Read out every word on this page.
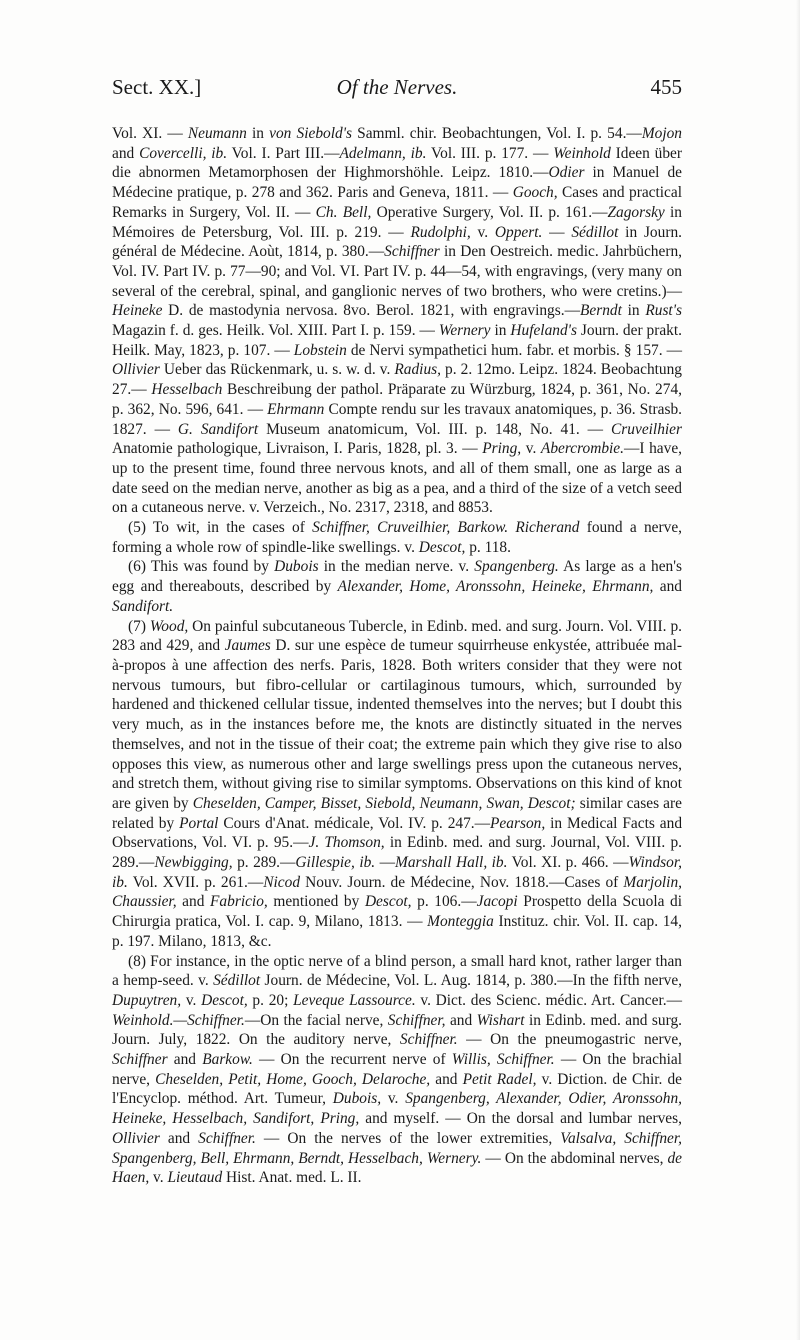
Sect. XX.]	Of the Nerves.	455

Vol. XI. — Neumann in von Siebold's Samml. chir. Beobachtungen, Vol. I. p. 54.—Mojon and Covercelli, ib. Vol. I. Part III.—Adelmann, ib. Vol. III. p. 177. — Weinhold Ideen über die abnormen Metamorphosen der Highmorshöhle. Leipz. 1810.—Odier in Manuel de Médecine pratique, p. 278 and 362. Paris and Geneva, 1811. — Gooch, Cases and practical Remarks in Surgery, Vol. II. — Ch. Bell, Operative Surgery, Vol. II. p. 161.—Zagorsky in Mémoires de Petersburg, Vol. III. p. 219. — Rudolphi, v. Oppert. — Sédillot in Journ. général de Médecine. Aoùt, 1814, p. 380.—Schiffner in Den Oestreich. medic. Jahrbüchern, Vol. IV. Part IV. p. 77—90; and Vol. VI. Part IV. p. 44—54, with engravings, (very many on several of the cerebral, spinal, and ganglionic nerves of two brothers, who were cretins.)—Heineke D. de mastodynia nervosa. 8vo. Berol. 1821, with engravings.—Berndt in Rust's Magazin f. d. ges. Heilk. Vol. XIII. Part I. p. 159. — Wernery in Hufeland's Journ. der prakt. Heilk. May, 1823, p. 107. — Lobstein de Nervi sympathetici hum. fabr. et morbis. § 157. — Ollivier Ueber das Rückenmark, u. s. w. d. v. Radius, p. 2. 12mo. Leipz. 1824. Beobachtung 27.— Hesselbach Beschreibung der pathol. Präparate zu Würzburg, 1824, p. 361, No. 274, p. 362, No. 596, 641. — Ehrmann Compte rendu sur les travaux anatomiques, p. 36. Strasb. 1827. — G. Sandifort Museum anatomicum, Vol. III. p. 148, No. 41. — Cruveilhier Anatomie pathologique, Livraison, I. Paris, 1828, pl. 3. — Pring, v. Abercrombie.—I have, up to the present time, found three nervous knots, and all of them small, one as large as a date seed on the median nerve, another as big as a pea, and a third of the size of a vetch seed on a cutaneous nerve. v. Verzeich., No. 2317, 2318, and 8853.

(5) To wit, in the cases of Schiffner, Cruveilhier, Barkow. Richerand found a nerve, forming a whole row of spindle-like swellings. v. Descot, p. 118.

(6) This was found by Dubois in the median nerve. v. Spangenberg. As large as a hen's egg and thereabouts, described by Alexander, Home, Aronssohn, Heineke, Ehrmann, and Sandifort.

(7) Wood, On painful subcutaneous Tubercle, in Edinb. med. and surg. Journ. Vol. VIII. p. 283 and 429, and Jaumes D. sur une espèce de tumeur squirrheuse enkystée, attribuée mal-à-propos à une affection des nerfs. Paris, 1828. Both writers consider that they were not nervous tumours, but fibro-cellular or cartilaginous tumours, which, surrounded by hardened and thickened cellular tissue, indented themselves into the nerves; but I doubt this very much, as in the instances before me, the knots are distinctly situated in the nerves themselves, and not in the tissue of their coat; the extreme pain which they give rise to also opposes this view, as numerous other and large swellings press upon the cutaneous nerves, and stretch them, without giving rise to similar symptoms. Observations on this kind of knot are given by Cheselden, Camper, Bisset, Siebold, Neumann, Swan, Descot; similar cases are related by Portal Cours d'Anat. médicale, Vol. IV. p. 247.—Pearson, in Medical Facts and Observations, Vol. VI. p. 95.—J. Thomson, in Edinb. med. and surg. Journal, Vol. VIII. p. 289.—Newbigging, p. 289.—Gillespie, ib. —Marshall Hall, ib. Vol. XI. p. 466. —Windsor, ib. Vol. XVII. p. 261.—Nicod Nouv. Journ. de Médecine, Nov. 1818.—Cases of Marjolin, Chaussier, and Fabricio, mentioned by Descot, p. 106.—Jacopi Prospetto della Scuola di Chirurgia pratica, Vol. I. cap. 9, Milano, 1813. — Monteggia Instituz. chir. Vol. II. cap. 14, p. 197. Milano, 1813, &c.

(8) For instance, in the optic nerve of a blind person, a small hard knot, rather larger than a hemp-seed. v. Sédillot Journ. de Médecine, Vol. L. Aug. 1814, p. 380.—In the fifth nerve, Dupuytren, v. Descot, p. 20; Leveque Lassource. v. Dict. des Scienc. médic. Art. Cancer.—Weinhold.—Schiffner.—On the facial nerve, Schiffner, and Wishart in Edinb. med. and surg. Journ. July, 1822. On the auditory nerve, Schiffner. — On the pneumogastric nerve, Schiffner and Barkow. — On the recurrent nerve of Willis, Schiffner. — On the brachial nerve, Cheselden, Petit, Home, Gooch, Delaroche, and Petit Radel, v. Diction. de Chir. de l'Encyclop. méthod. Art. Tumeur, Dubois, v. Spangenberg, Alexander, Odier, Aronssohn, Heineke, Hesselbach, Sandifort, Pring, and myself. — On the dorsal and lumbar nerves, Ollivier and Schiffner. — On the nerves of the lower extremities, Valsalva, Schiffner, Spangenberg, Bell, Ehrmann, Berndt, Hesselbach, Wernery. — On the abdominal nerves, de Haen, v. Lieutaud Hist. Anat. med. L. II.
